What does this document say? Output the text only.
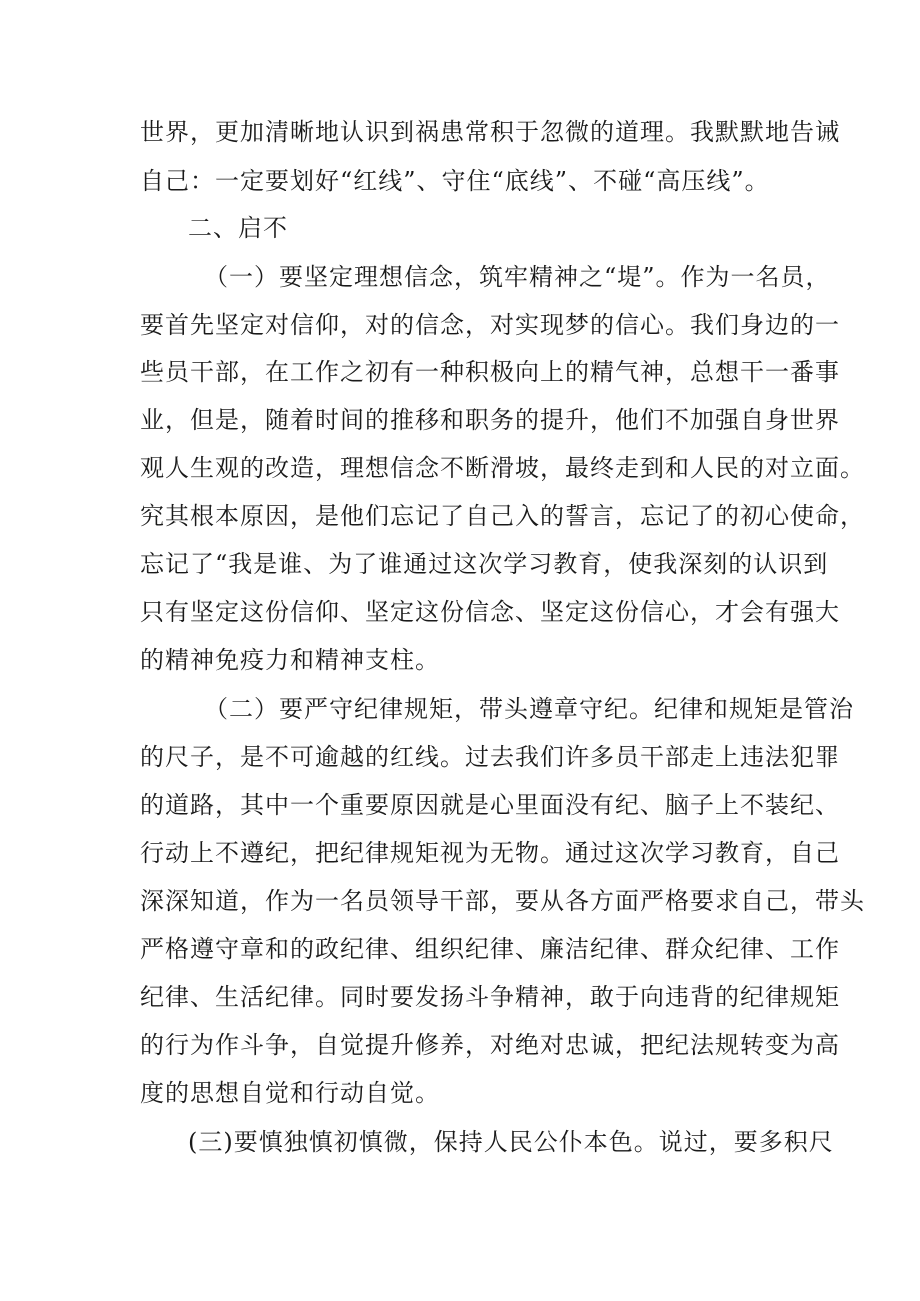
世界，更加清晰地认识到祸患常积于忽微的道理。我默默地告诫
自己：一定要划好“红线”、守住“底线”、不碰“高压线”。
二、启不
（一）要坚定理想信念，筑牢精神之“堤”。作为一名员，
要首先坚定对信仰，对的信念，对实现梦的信心。我们身边的一
些员干部，在工作之初有一种积极向上的精气神，总想干一番事
业，但是，随着时间的推移和职务的提升，他们不加强自身世界
观人生观的改造，理想信念不断滑坡，最终走到和人民的对立面。
究其根本原因，是他们忘记了自己入的誓言，忘记了的初心使命，
忘记了“我是谁、为了谁通过这次学习教育，使我深刻的认识到
只有坚定这份信仰、坚定这份信念、坚定这份信心，才会有强大
的精神免疫力和精神支柱。
（二）要严守纪律规矩，带头遵章守纪。纪律和规矩是管治
的尺子，是不可逾越的红线。过去我们许多员干部走上违法犯罪
的道路，其中一个重要原因就是心里面没有纪、脑子上不装纪、
行动上不遵纪，把纪律规矩视为无物。通过这次学习教育，自己
深深知道，作为一名员领导干部，要从各方面严格要求自己，带头
严格遵守章和的政纪律、组织纪律、廉洁纪律、群众纪律、工作
纪律、生活纪律。同时要发扬斗争精神，敢于向违背的纪律规矩
的行为作斗争，自觉提升修养，对绝对忠诚，把纪法规转变为高
度的思想自觉和行动自觉。
(三)要慎独慎初慎微，保持人民公仆本色。说过，要多积尺
